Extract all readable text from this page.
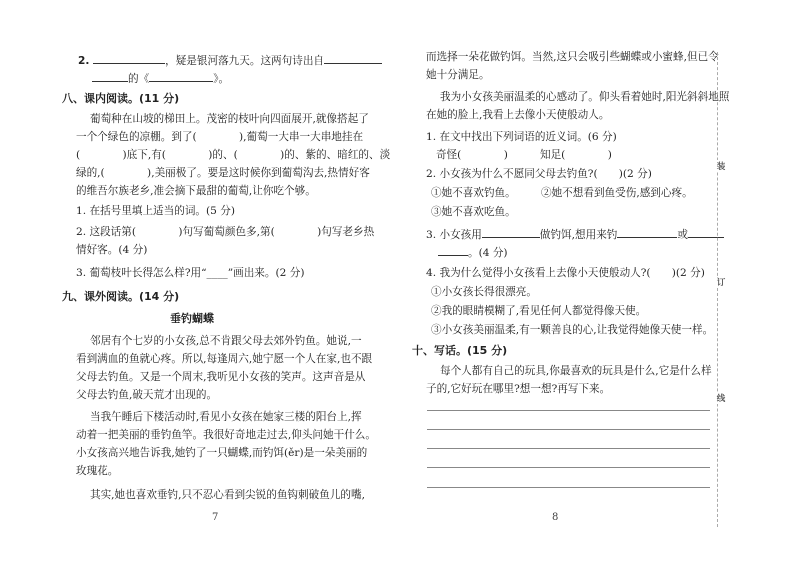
2.	，疑是银河落九天。这两句诗出自
的《	》。
八、课内阅读。(11 分)
葡萄种在山坡的梯田上。茂密的枝叶向四面展开,就像搭起了
一个个绿色的凉棚。到了(　　　　),葡萄一大串一大串地挂在
(　　　　)底下,有(　　　　)的、(　　　　)的、紫的、暗红的、淡
绿的,(　　　　),美丽极了。要是这时候你到葡萄沟去,热情好客
的维吾尔族老乡,准会摘下最甜的葡萄,让你吃个够。
1. 在括号里填上适当的词。(5 分)
2. 这段话第(　　　　)句写葡萄颜色多,第(　　　　)句写老乡热
情好客。(4 分)
3. 葡萄枝叶长得怎么样?用“____”画出来。(2 分)
九、课外阅读。(14 分)
垂钓蝴蝶
邻居有个七岁的小女孩,总不肯跟父母去郊外钓鱼。她说,一
看到满血的鱼就心疼。所以,每逢周六,她宁愿一个人在家,也不跟
父母去钓鱼。又是一个周末,我听见小女孩的笑声。这声音是从
父母去钓鱼,破天荒才出现的。
当我午睡后下楼活动时,看见小女孩在她家三楼的阳台上,挥
动着一把美丽的垂钓鱼竿。我很好奇地走过去,仰头问她干什么。
小女孩高兴地告诉我,她钓了一只蝴蝶,而钓饵(ěr)是一朵美丽的
玫瑰花。
其实,她也喜欢垂钓,只不忍心看到尖锐的鱼钩刺破鱼儿的嘴,
7
而选择一朵花做钓饵。当然,这只会吸引些蝴蝶或小蜜蜂,但已令
她十分满足。
我为小女孩美丽温柔的心感动了。仰头看着她时,阳光斜斜地照
在她的脸上,我看上去像小天使般动人。
1. 在文中找出下列词语的近义词。(6 分)
奇怪(　　　　)	知足(　　　　)
2. 小女孩为什么不愿同父母去钓鱼?(　　)(2 分)
①她不喜欢钓鱼。 ②她不想看到鱼受伤,感到心疼。
③她不喜欢吃鱼。
3. 小女孩用	做钓饵,想用来钓	或
。(4 分)
4. 我为什么觉得小女孩看上去像小天使般动人?(　　)(2 分)
①小女孩长得很漂亮。
②我的眼睛模糊了,看见任何人都觉得像天使。
③小女孩美丽温柔,有一颗善良的心,让我觉得她像天使一样。
十、写话。(15 分)
每个人都有自己的玩具,你最喜欢的玩具是什么,它是什么样
子的,它好玩在哪里?想一想?再写下来。
8
装
订
线
